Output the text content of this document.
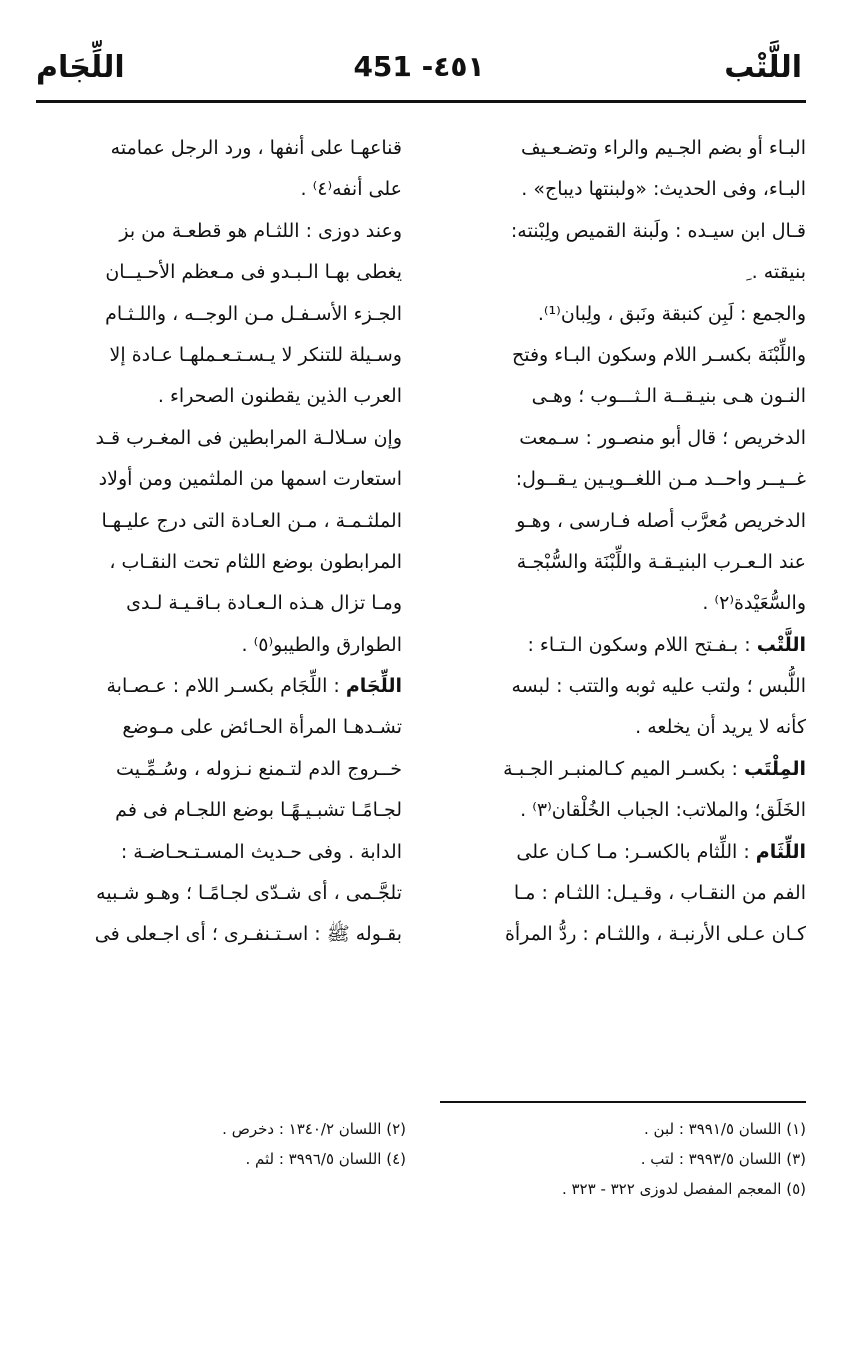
اللَّتْب
451 -٤٥١
اللِّجَام
البـاء أو بضم الجـيم والراء وتضـعـيف
البـاء، وفى الحديث: «ولبنتها ديباج» .
قـال ابن سيـده : ولَبنة القميص ولِبْنته:
بنيقته . ِ
والجمع : لَبِن كنبقة ونَبق ، ولِبان⁽¹⁾.
واللِّبْنَة بكسـر اللام وسكون البـاء وفتح
النـون هـى بنيـقــة الـثـــوب ؛ وهـى
الدخريص ؛ قال أبو منصـور : سـمعت
غــيــر واحــد مـن اللغــويـين يـقــول:
الدخريص مُعرَّب أصله فـارسى ، وهـو
عند الـعـرب البنيـقـة واللِّبْنَة والسُّبْجـة
والسُّعَيْدة⁽٢⁾ .
اللَّتْب : بـفـتح اللام وسكون الـتـاء :
اللُّبس ؛ ولتب عليه ثوبه والتتب : لبسه
كأنه لا يريد أن يخلعه .
المِلْتَب : بكسـر الميم كـالمنبـر الجـبـة
الخَلَق؛ والملاتب: الجباب الخُلْقان⁽٣⁾ .
اللِّثَام : اللِّثام بالكسـر: مـا كـان على
الفم من النقـاب ، وقـيـل: اللثـام : مـا
كـان عـلى الأرنبـة ، واللثـام : ردُّ المرأة
قناعهـا على أنفها ، ورد الرجل عمامته
على أنفه⁽٤⁾ .
وعند دوزى : اللثـام هو قطعـة من بز
يغطى بهـا الـبـدو فى مـعظم الأحـيــان
الجـزء الأسـفـل مـن الوجــه ، واللـثـام
وسـيلة للتنكر لا يـسـتـعـملهـا عـادة إلا
العرب الذين يقطنون الصحراء .
وإن سـلالـة المرابطين فى المغـرب قـد
استعارت اسمها من الملثمين ومن أولاد
الملثـمـة ، مـن العـادة التى درج عليـهـا
المرابطون بوضع اللثام تحت النقـاب ،
ومـا تزال هـذه الـعـادة بـاقـيـة لـدى
الطوارق والطيبو⁽٥⁾ .
اللِّجَام : اللِّجَام بكسـر اللام : عـصـابة
تشـدهـا المرأة الحـائض على مـوضع
خــروج الدم لتـمنع نـزوله ، وسُـمِّـيت
لجـامًـا تشبـيـهًـا بوضع اللجـام فى فم
الدابة . وفى حـديث المسـتـحـاضـة :
تلجَّـمى ، أى شـدّى لجـامًـا ؛ وهـو شـبيه
بقـوله ﷺ : اسـتـنفـرى ؛ أى اجـعلى فى
(١) اللسان ٣٩٩١/٥ : لبن .
(٢) اللسان ١٣٤٠/٢ : دخرص .
(٣) اللسان ٣٩٩٣/٥ : لتب .
(٤) اللسان ٣٩٩٦/٥ : لثم .
(٥) المعجم المفصل لدوزى ٣٢٢ - ٣٢٣ .
